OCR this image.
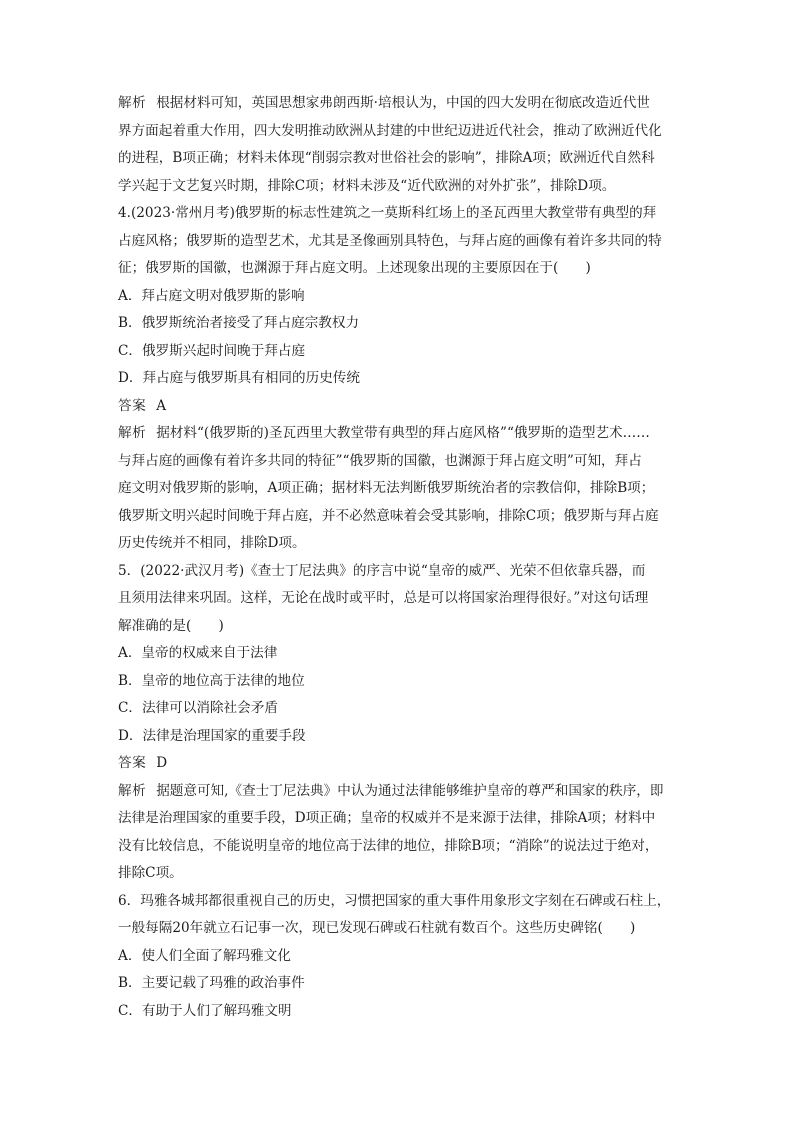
解析 根据材料可知，英国思想家弗朗西斯·培根认为，中国的四大发明在彻底改造近代世

界方面起着重大作用，四大发明推动欧洲从封建的中世纪迈进近代社会，推动了欧洲近代化

的进程，B项正确；材料未体现“削弱宗教对世俗社会的影响”，排除A项；欧洲近代自然科

学兴起于文艺复兴时期，排除C项；材料未涉及“近代欧洲的对外扩张”，排除D项。

4.(2023·常州月考)俄罗斯的标志性建筑之一莫斯科红场上的圣瓦西里大教堂带有典型的拜

占庭风格；俄罗斯的造型艺术，尤其是圣像画别具特色，与拜占庭的画像有着许多共同的特

征；俄罗斯的国徽，也渊源于拜占庭文明。上述现象出现的主要原因在于(　　)

A．拜占庭文明对俄罗斯的影响

B．俄罗斯统治者接受了拜占庭宗教权力

C．俄罗斯兴起时间晚于拜占庭

D．拜占庭与俄罗斯具有相同的历史传统

答案 A

解析 据材料“(俄罗斯的)圣瓦西里大教堂带有典型的拜占庭风格”“俄罗斯的造型艺术……

与拜占庭的画像有着许多共同的特征”“俄罗斯的国徽，也渊源于拜占庭文明”可知，拜占

庭文明对俄罗斯的影响，A项正确；据材料无法判断俄罗斯统治者的宗教信仰，排除B项；

俄罗斯文明兴起时间晚于拜占庭，并不必然意味着会受其影响，排除C项；俄罗斯与拜占庭

历史传统并不相同，排除D项。

5．(2022·武汉月考)《查士丁尼法典》的序言中说“皇帝的威严、光荣不但依靠兵器，而

且须用法律来巩固。这样，无论在战时或平时，总是可以将国家治理得很好。”对这句话理

解准确的是(　　)

A．皇帝的权威来自于法律

B．皇帝的地位高于法律的地位

C．法律可以消除社会矛盾

D．法律是治理国家的重要手段

答案 D

解析 据题意可知,《查士丁尼法典》中认为通过法律能够维护皇帝的尊严和国家的秩序，即

法律是治理国家的重要手段，D项正确；皇帝的权威并不是来源于法律，排除A项；材料中

没有比较信息，不能说明皇帝的地位高于法律的地位，排除B项；“消除”的说法过于绝对，

排除C项。

6．玛雅各城邦都很重视自己的历史，习惯把国家的重大事件用象形文字刻在石碑或石柱上，

一般每隔20年就立石记事一次，现已发现石碑或石柱就有数百个。这些历史碑铭(　　)

A．使人们全面了解玛雅文化

B．主要记载了玛雅的政治事件

C．有助于人们了解玛雅文明
